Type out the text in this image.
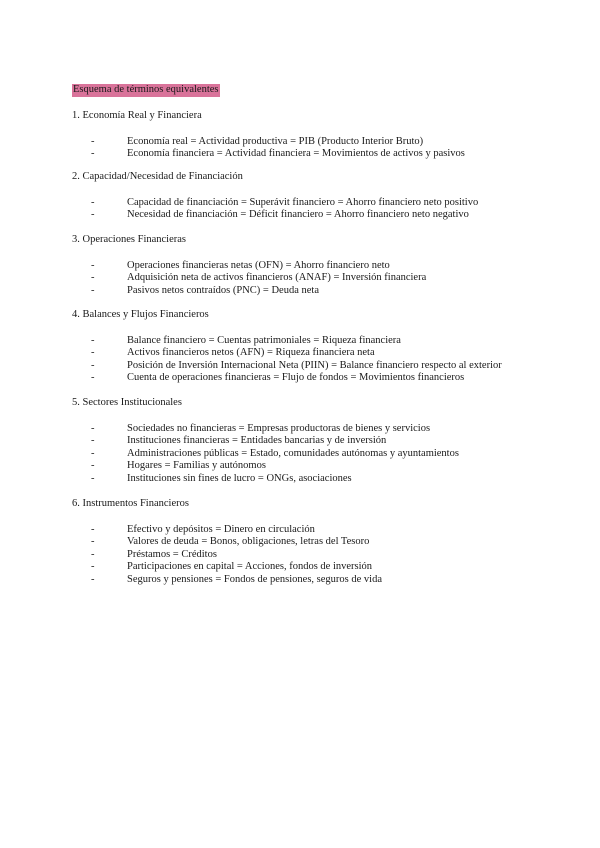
Esquema de términos equivalentes

1. Economía Real y Financiera

-	Economía real = Actividad productiva = PIB (Producto Interior Bruto)
-	Economía financiera = Actividad financiera = Movimientos de activos y pasivos

2. Capacidad/Necesidad de Financiación

-	Capacidad de financiación = Superávit financiero = Ahorro financiero neto positivo
-	Necesidad de financiación = Déficit financiero = Ahorro financiero neto negativo

3. Operaciones Financieras

-	Operaciones financieras netas (OFN) = Ahorro financiero neto
-	Adquisición neta de activos financieros (ANAF) = Inversión financiera
-	Pasivos netos contraídos (PNC) = Deuda neta

4. Balances y Flujos Financieros

-	Balance financiero = Cuentas patrimoniales = Riqueza financiera
-	Activos financieros netos (AFN) = Riqueza financiera neta
-	Posición de Inversión Internacional Neta (PIIN) = Balance financiero respecto al exterior
-	Cuenta de operaciones financieras = Flujo de fondos = Movimientos financieros

5. Sectores Institucionales

-	Sociedades no financieras = Empresas productoras de bienes y servicios
-	Instituciones financieras = Entidades bancarias y de inversión
-	Administraciones públicas = Estado, comunidades autónomas y ayuntamientos
-	Hogares = Familias y autónomos
-	Instituciones sin fines de lucro = ONGs, asociaciones

6. Instrumentos Financieros

-	Efectivo y depósitos = Dinero en circulación
-	Valores de deuda = Bonos, obligaciones, letras del Tesoro
-	Préstamos = Créditos
-	Participaciones en capital = Acciones, fondos de inversión
-	Seguros y pensiones = Fondos de pensiones, seguros de vida
